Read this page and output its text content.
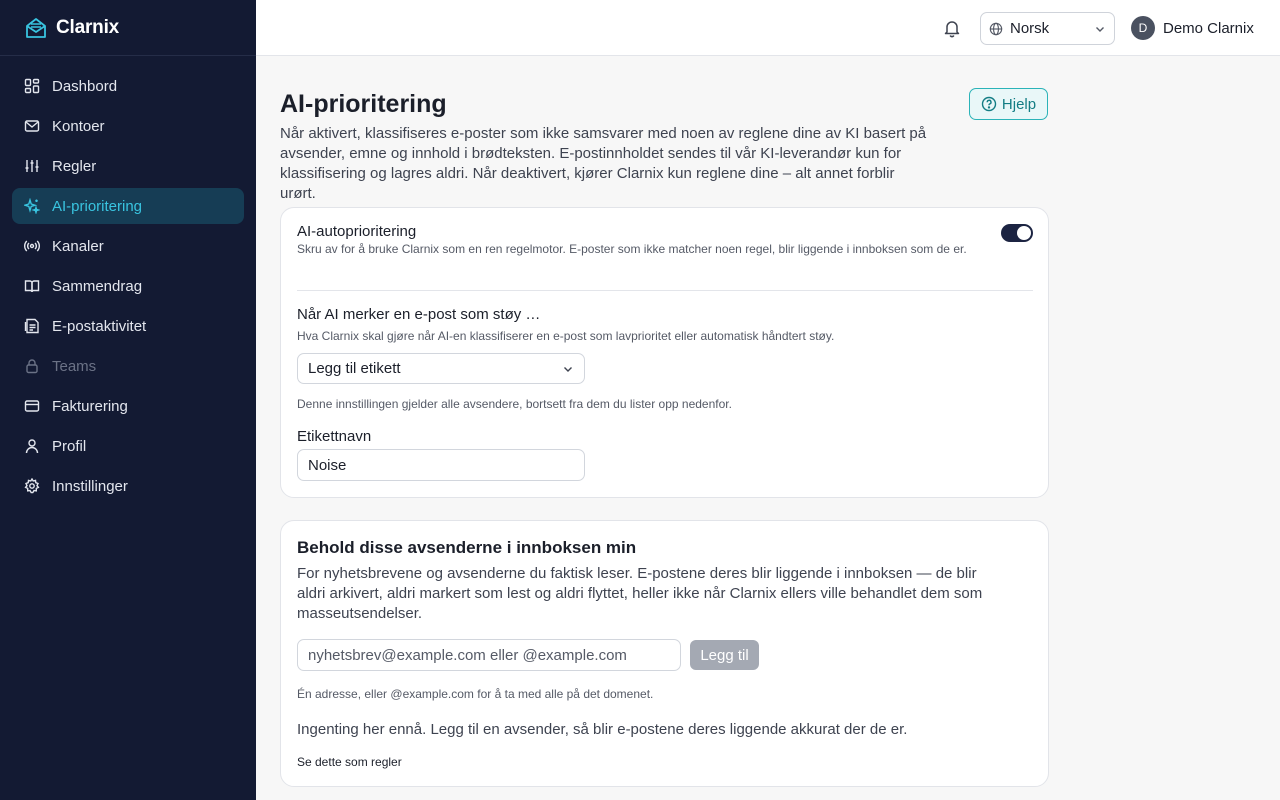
Clarnix
Dashbord
Kontoer
Regler
AI-prioritering
Kanaler
Sammendrag
E-postaktivitet
Teams
Fakturering
Profil
Innstillinger
Norsk	D	Demo Clarnix
AI-prioritering	Hjelp

Når aktivert, klassifiseres e-poster som ikke samsvarer med noen av reglene dine av KI basert på avsender, emne og innhold i brødteksten. E-postinnholdet sendes til vår KI-leverandør kun for klassifisering og lagres aldri. Når deaktivert, kjører Clarnix kun reglene dine – alt annet forblir urørt.

AI-autoprioritering
Skru av for å bruke Clarnix som en ren regelmotor. E-poster som ikke matcher noen regel, blir liggende i innboksen som de er.
Når AI merker en e-post som støy …
Hva Clarnix skal gjøre når AI-en klassifiserer en e-post som lavprioritet eller automatisk håndtert støy.
Legg til etikett
Denne innstillingen gjelder alle avsendere, bortsett fra dem du lister opp nedenfor.
Etikettnavn
Noise
Behold disse avsenderne i innboksen min

For nyhetsbrevene og avsenderne du faktisk leser. E-postene deres blir liggende i innboksen — de blir aldri arkivert, aldri markert som lest og aldri flyttet, heller ikke når Clarnix ellers ville behandlet dem som masseutsendelser.

nyhetsbrev@example.com eller @example.com
Legg til
Én adresse, eller @example.com for å ta med alle på det domenet.
Ingenting her ennå. Legg til en avsender, så blir e-postene deres liggende akkurat der de er.
Se dette som regler
